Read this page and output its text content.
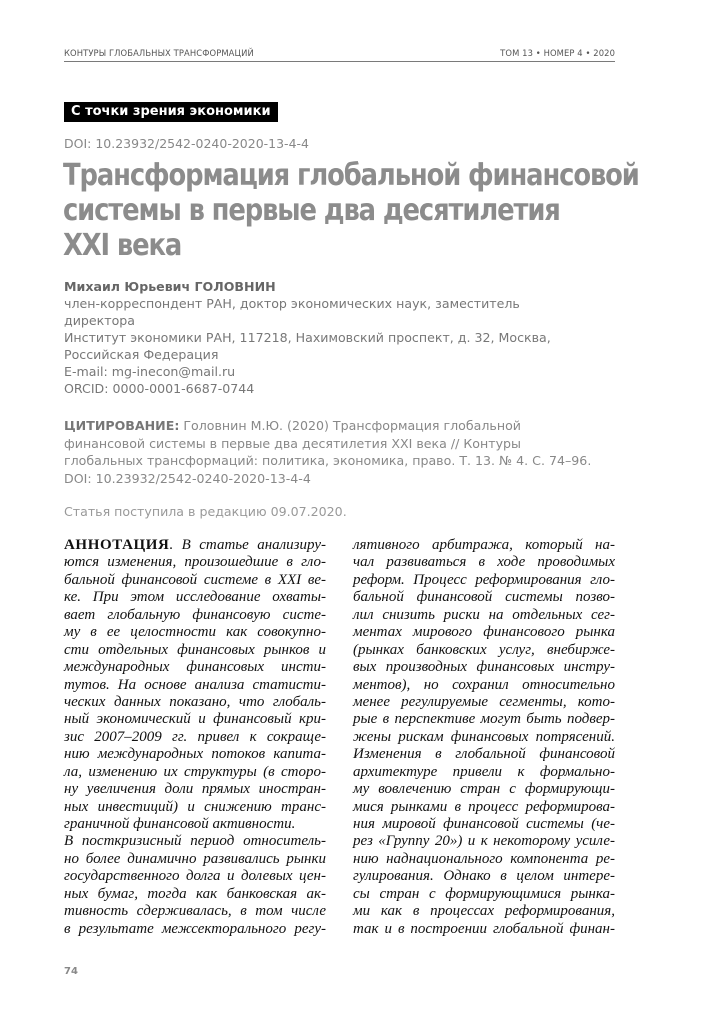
КОНТУРЫ ГЛОБАЛЬНЫХ ТРАНСФОРМАЦИЙ	ТОМ 13 • НОМЕР 4 • 2020
С точки зрения экономики
DOI: 10.23932/2542-0240-2020-13-4-4
Трансформация глобальной финансовой
системы в первые два десятилетия
XXI века
Михаил Юрьевич ГОЛОВНИН
член-корреспондент РАН, доктор экономических наук, заместитель
директора
Институт экономики РАН, 117218, Нахимовский проспект, д. 32, Москва,
Российская Федерация
E-mail: mg-inecon@mail.ru
ORCID: 0000-0001-6687-0744
ЦИТИРОВАНИЕ: Головнин М.Ю. (2020) Трансформация глобальной
финансовой системы в первые два десятилетия XXI века // Контуры
глобальных трансформаций: политика, экономика, право. Т. 13. № 4. С. 74–96.
DOI: 10.23932/2542-0240-2020-13-4-4
Статья поступила в редакцию 09.07.2020.
АННОТАЦИЯ. В статье анализиру-
ются изменения, произошедшие в гло-
бальной финансовой системе в XXI ве-
ке. При этом исследование охваты-
вает глобальную финансовую систе-
му в ее целостности как совокупно-
сти отдельных финансовых рынков и
международных финансовых инсти-
тутов. На основе анализа статисти-
ческих данных показано, что глобаль-
ный экономический и финансовый кри-
зис 2007–2009 гг. привел к сокраще-
нию международных потоков капита-
ла, изменению их структуры (в сторо-
ну увеличения доли прямых иностран-
ных инвестиций) и снижению транс-
граничной финансовой активности.
В посткризисный период относитель-
но более динамично развивались рынки
государственного долга и долевых цен-
ных бумаг, тогда как банковская ак-
тивность сдерживалась, в том числе
в результате межсекторального регу-
лятивного арбитража, который на-
чал развиваться в ходе проводимых
реформ. Процесс реформирования гло-
бальной финансовой системы позво-
лил снизить риски на отдельных сег-
ментах мирового финансового рынка
(рынках банковских услуг, внебирже-
вых производных финансовых инстру-
ментов), но сохранил относительно
менее регулируемые сегменты, кото-
рые в перспективе могут быть подвер-
жены рискам финансовых потрясений.
Изменения в глобальной финансовой
архитектуре привели к формально-
му вовлечению стран с формирующи-
мися рынками в процесс реформирова-
ния мировой финансовой системы (че-
рез «Группу 20») и к некоторому усиле-
нию наднационального компонента ре-
гулирования. Однако в целом интере-
сы стран с формирующимися рынка-
ми как в процессах реформирования,
так и в построении глобальной финан-
74
